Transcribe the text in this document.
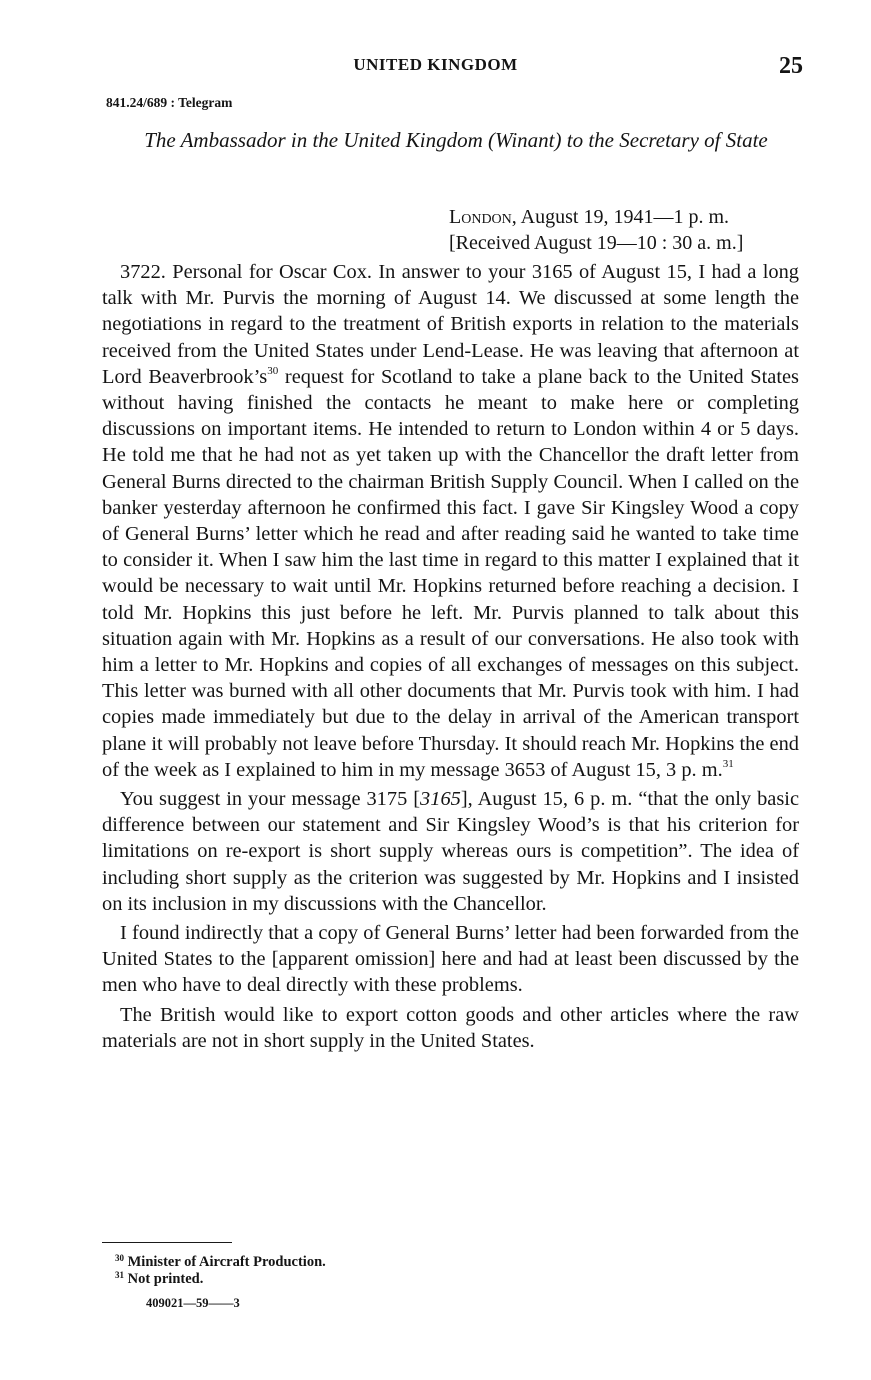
UNITED KINGDOM	25
841.24/689 : Telegram
The Ambassador in the United Kingdom (Winant) to the Secretary of State
London, August 19, 1941—1 p. m.
[Received August 19—10 : 30 a. m.]

3722. Personal for Oscar Cox. In answer to your 3165 of August 15, I had a long talk with Mr. Purvis the morning of August 14. We discussed at some length the negotiations in regard to the treatment of British exports in relation to the materials received from the United States under Lend-Lease. He was leaving that afternoon at Lord Beaverbrook’s$^{30}$ request for Scotland to take a plane back to the United States without having finished the contacts he meant to make here or completing discussions on important items. He intended to return to London within 4 or 5 days. He told me that he had not as yet taken up with the Chancellor the draft letter from General Burns directed to the chairman British Supply Council. When I called on the banker yesterday afternoon he confirmed this fact. I gave Sir Kingsley Wood a copy of General Burns’ letter which he read and after reading said he wanted to take time to consider it. When I saw him the last time in regard to this matter I explained that it would be necessary to wait until Mr. Hopkins returned before reaching a decision. I told Mr. Hopkins this just before he left. Mr. Purvis planned to talk about this situation again with Mr. Hopkins as a result of our conversations. He also took with him a letter to Mr. Hopkins and copies of all exchanges of messages on this subject. This letter was burned with all other documents that Mr. Purvis took with him. I had copies made immediately but due to the delay in arrival of the American transport plane it will probably not leave before Thursday. It should reach Mr. Hopkins the end of the week as I explained to him in my message 3653 of August 15, 3 p. m.$^{31}$

You suggest in your message 3175 [3165], August 15, 6 p. m. “that the only basic difference between our statement and Sir Kingsley Wood’s is that his criterion for limitations on re-export is short supply whereas ours is competition”. The idea of including short supply as the criterion was suggested by Mr. Hopkins and I insisted on its inclusion in my discussions with the Chancellor.

I found indirectly that a copy of General Burns’ letter had been forwarded from the United States to the [apparent omission] here and had at least been discussed by the men who have to deal directly with these problems.

The British would like to export cotton goods and other articles where the raw materials are not in short supply in the United States.

$^{30}$ Minister of Aircraft Production.
$^{31}$ Not printed.
409021—59——3
